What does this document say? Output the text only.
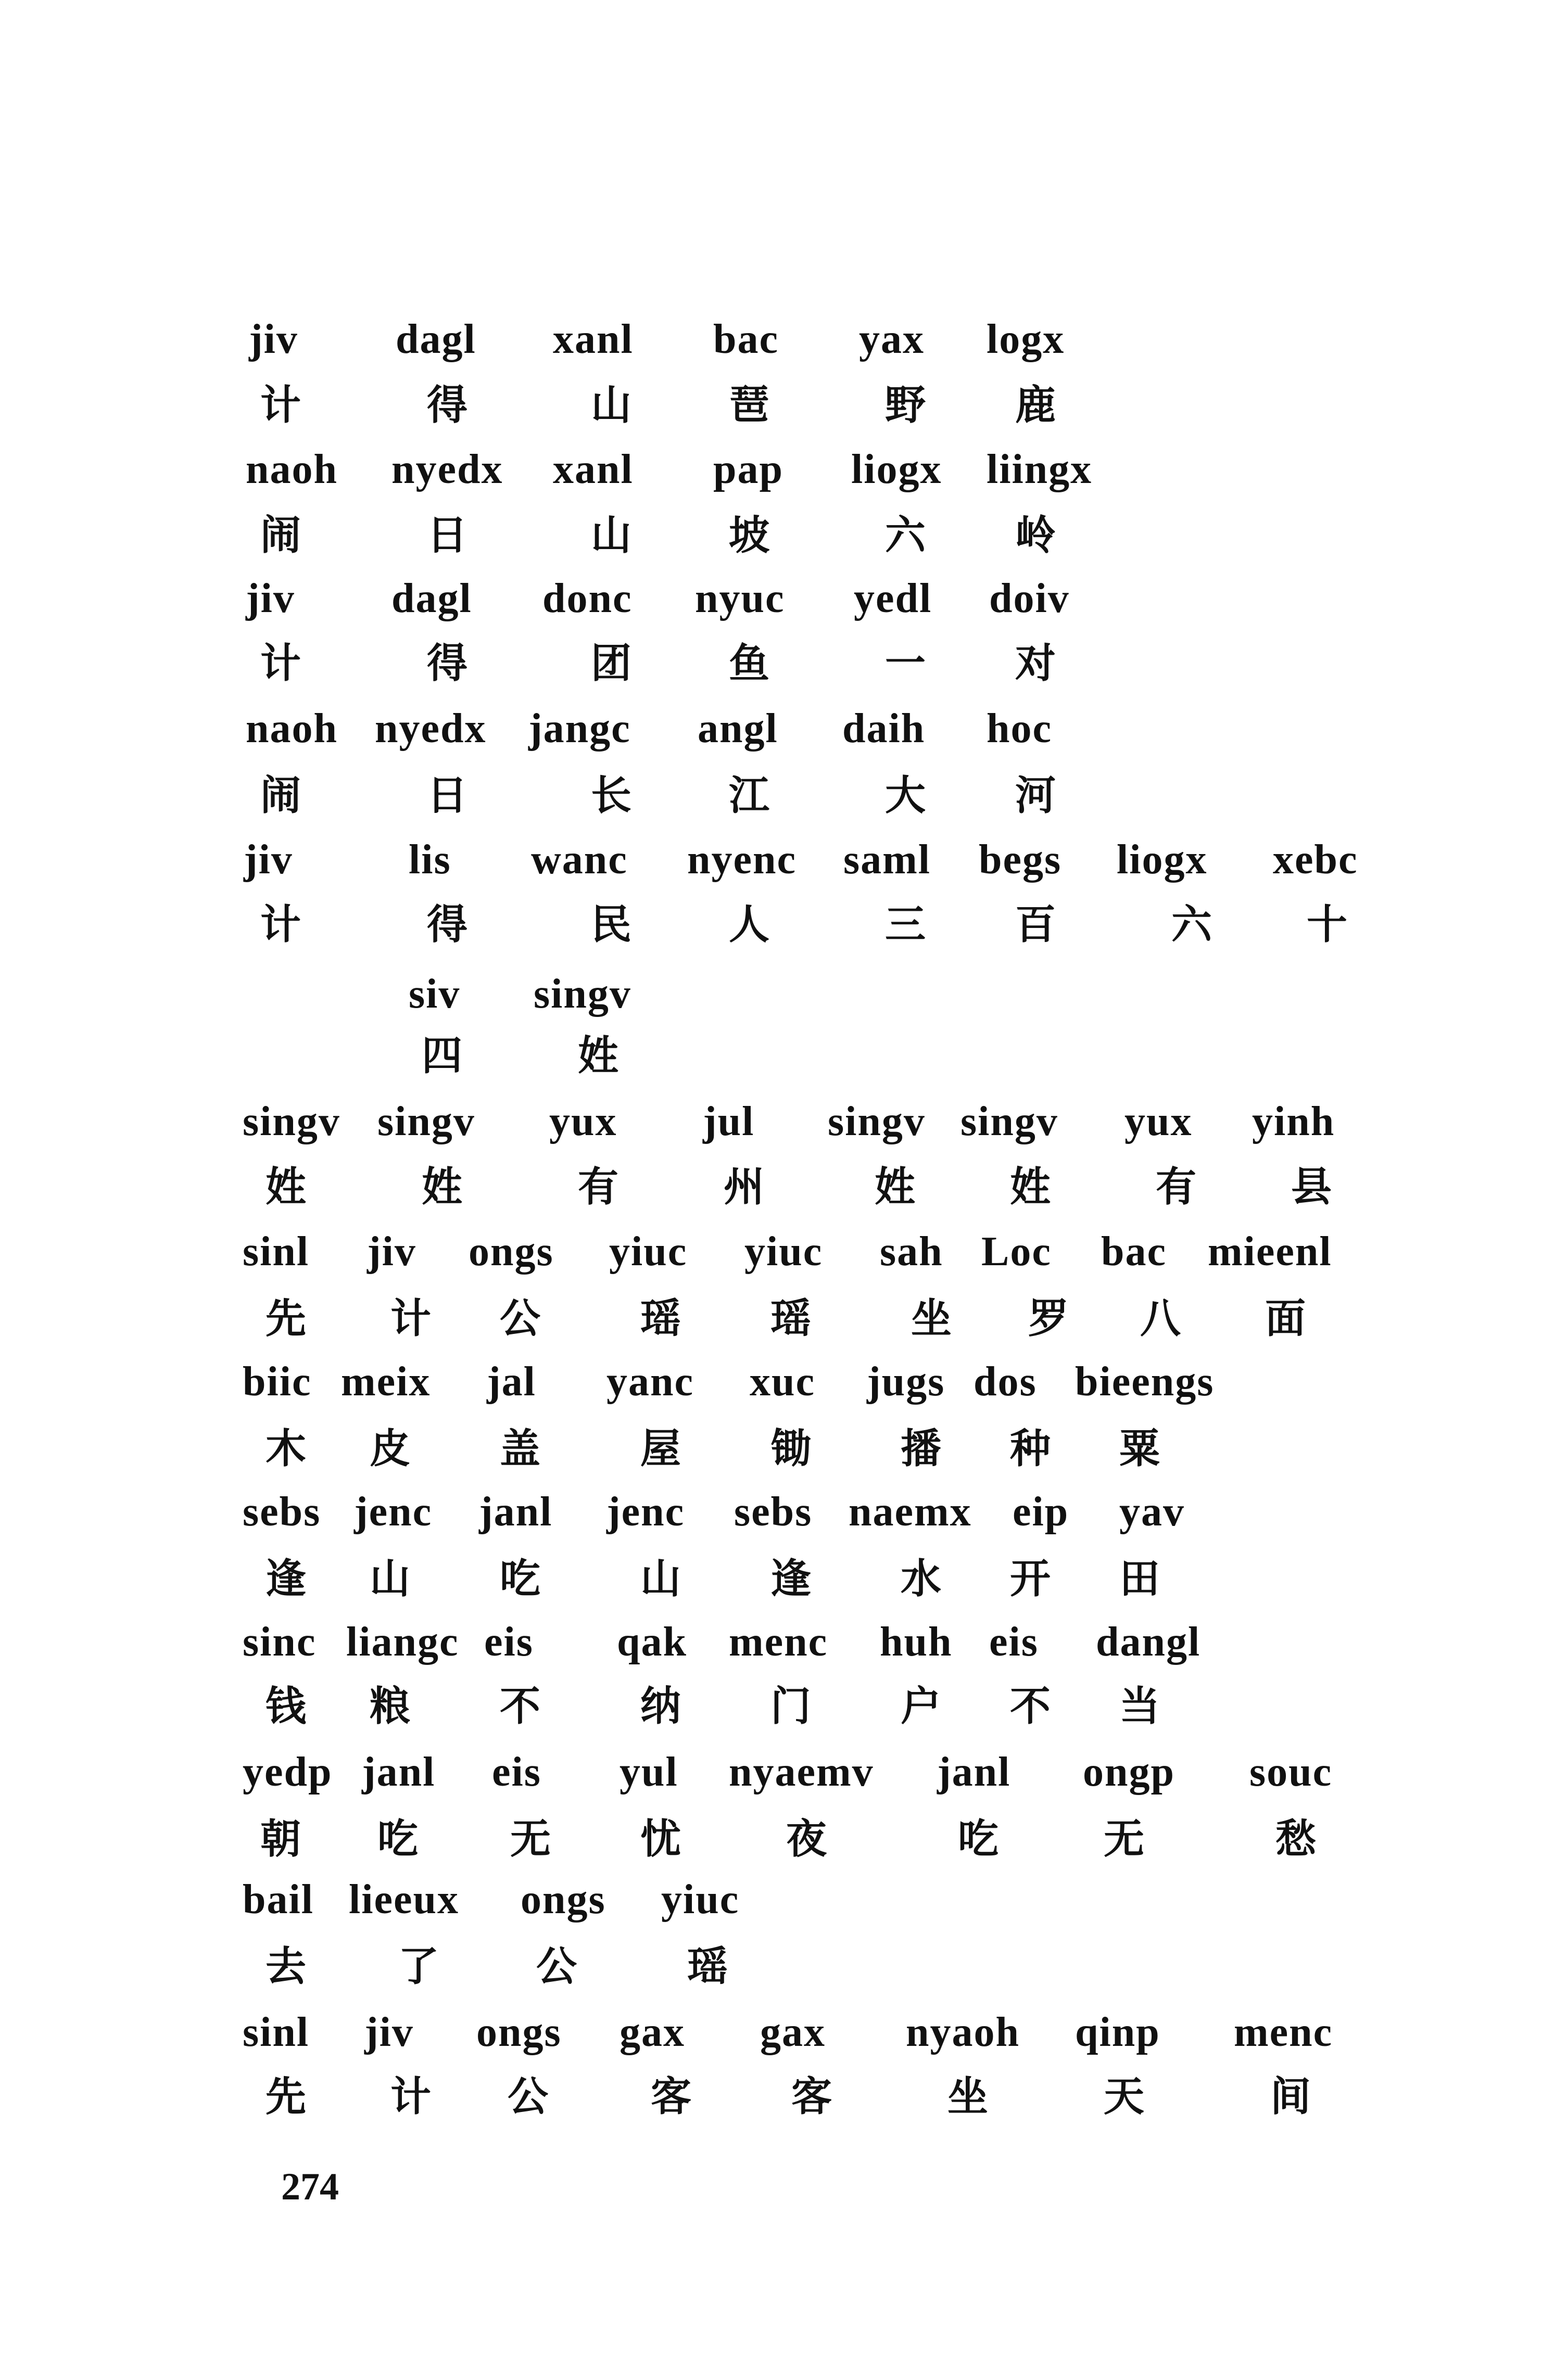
274
jiv dagl xanl bac yax logx
计	得	山 琶	野 鹿
naoh nyedx xanl pap liogx liingx
闹	日	山 坡	六 岭
jiv dagl donc nyuc yedl doiv
计	得	团 鱼	一 对
naoh nyedx jangc angl daih hoc
闹	日	长 江	大 河
jiv	lis wanc nyenc saml begs liogx xebc
计	得	民 人	三 百	六 十
siv singv
四	姓
singv singv yux jul singv singv yux yinh
姓	姓	有	州	姓 姓	有 县
sinl jiv ongs yiuc yiuc sah Loc bac mieenl
先 计 公 瑶 瑶 坐 罗 八 面
biic meix jal yanc xuc jugs dos bieengs
木 皮 盖 屋 锄 播 种 粟
sebs jenc janl jenc sebs naemx eip yav
逢 山 吃 山 逢 水 开 田
sinc liangc eis qak menc huh eis dangl
钱 粮 不 纳 门 户 不 当
yedp janl eis yul nyaemv janl ongp souc
朝 吃 无 忧	夜	吃	无	愁
bail lieeux ongs yiuc
去 了 公	瑶
sinl jiv ongs gax gax nyaoh qinp menc
先 计 公	客 客	坐	天	间
